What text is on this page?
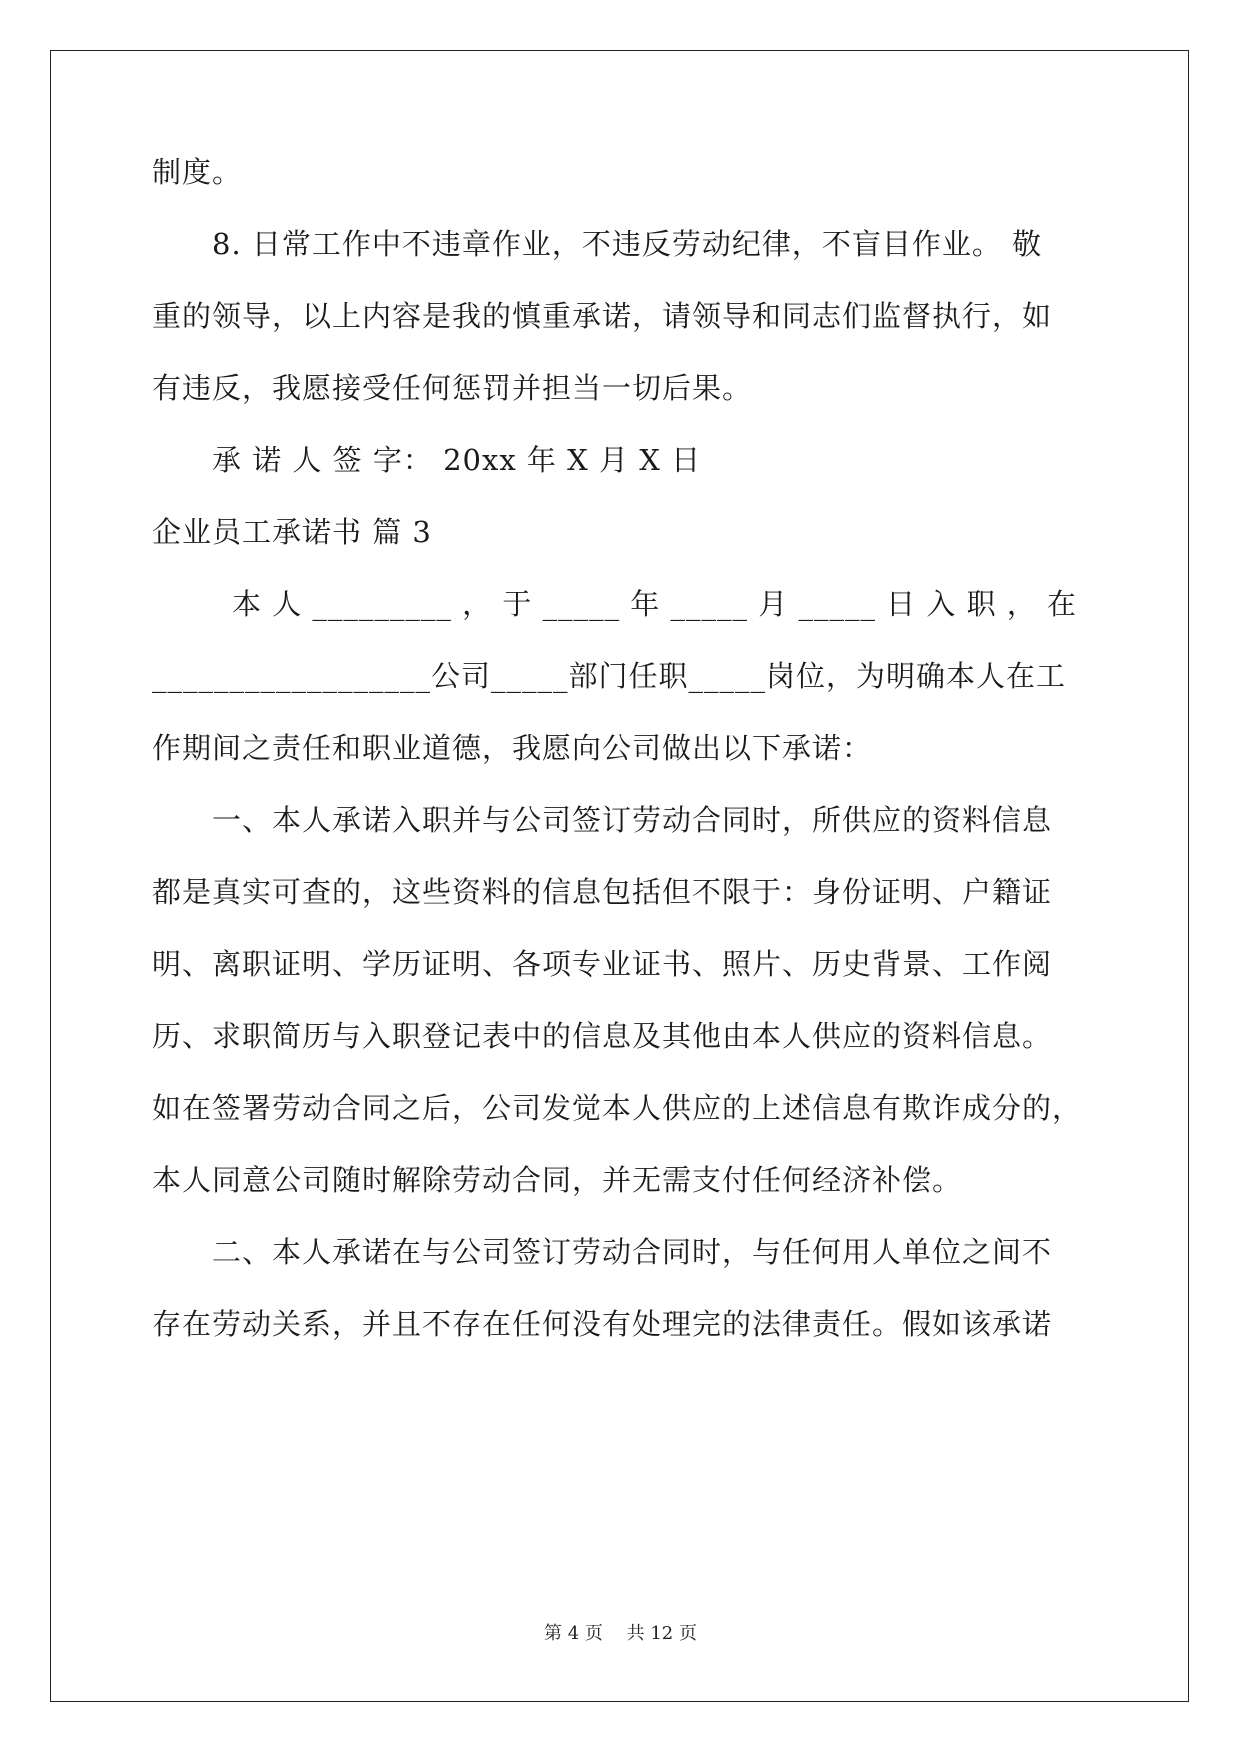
制度。
8. 日常工作中不违章作业，不违反劳动纪律，不盲目作业。 敬
重的领导，以上内容是我的慎重承诺，请领导和同志们监督执行，如
有违反，我愿接受任何惩罚并担当一切后果。
承 诺 人 签 字： 20xx 年 X 月 X 日
企业员工承诺书 篇 3
本 人 _________ ， 于 _____ 年 _____ 月 _____ 日 入 职 ， 在
__________________公司_____部门任职_____岗位，为明确本人在工
作期间之责任和职业道德，我愿向公司做出以下承诺：
一、本人承诺入职并与公司签订劳动合同时，所供应的资料信息
都是真实可查的，这些资料的信息包括但不限于：身份证明、户籍证
明、离职证明、学历证明、各项专业证书、照片、历史背景、工作阅
历、求职简历与入职登记表中的信息及其他由本人供应的资料信息。
如在签署劳动合同之后，公司发觉本人供应的上述信息有欺诈成分的，
本人同意公司随时解除劳动合同，并无需支付任何经济补偿。
二、本人承诺在与公司签订劳动合同时，与任何用人单位之间不
存在劳动关系，并且不存在任何没有处理完的法律责任。假如该承诺
第 4 页　 共 12 页
